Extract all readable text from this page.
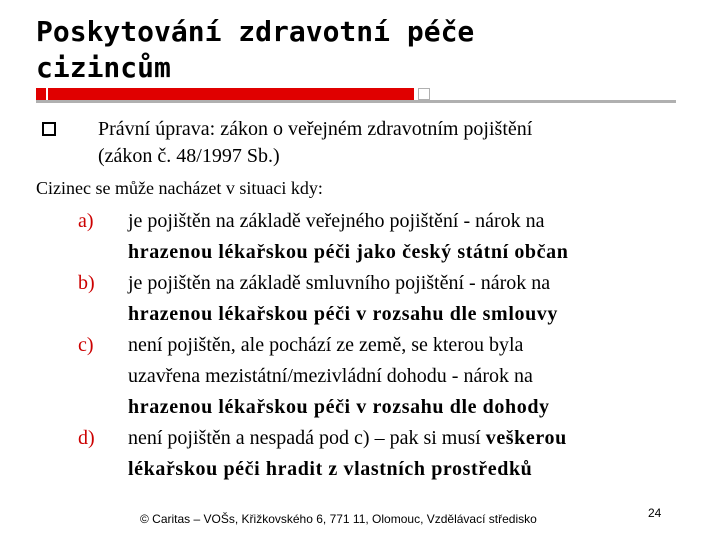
Poskytování zdravotní péče
cizincům
Právní úprava: zákon o veřejném zdravotním pojištění
(zákon č. 48/1997 Sb.)
Cizinec se může nacházet v situaci kdy:
a)	je pojištěn na základě veřejného pojištění - nárok na
hrazenou lékařskou péči jako český státní občan
b)	je pojištěn na základě smluvního pojištění - nárok na
hrazenou lékařskou péči v rozsahu dle smlouvy
c)	není pojištěn, ale pochází ze země, se kterou byla
uzavřena mezistátní/mezivládní dohodu - nárok na
hrazenou lékařskou péči v rozsahu dle dohody
d)	není pojištěn a nespadá pod c) – pak si musí veškerou
lékařskou péči hradit z vlastních prostředků
© Caritas – VOŠs, Křižkovského 6, 771 11, Olomouc, Vzdělávací středisko	24
